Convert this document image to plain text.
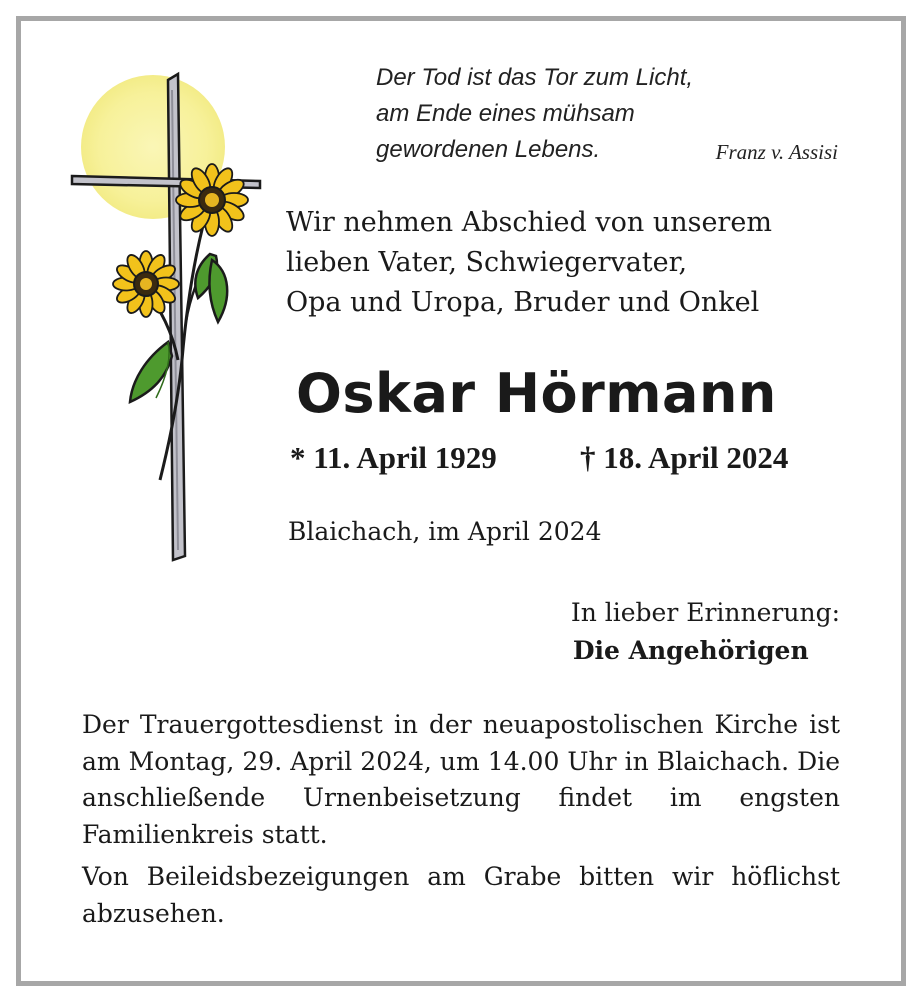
Der Tod ist das Tor zum Licht,
am Ende eines mühsam
gewordenen Lebens.	Franz v. Assisi
Wir nehmen Abschied von unserem
lieben Vater, Schwiegervater,
Opa und Uropa, Bruder und Onkel
Oskar Hörmann
* 11. April 1929	† 18. April 2024
Blaichach, im April 2024
In lieber Erinnerung:
Die Angehörigen

Der Trauergottesdienst in der neuapostolischen Kirche ist am Montag, 29. April 2024, um 14.00 Uhr in Blaichach. Die anschließende Urnenbeisetzung findet im engsten Familienkreis statt.

Von Beileidsbezeigungen am Grabe bitten wir höflichst abzusehen.
